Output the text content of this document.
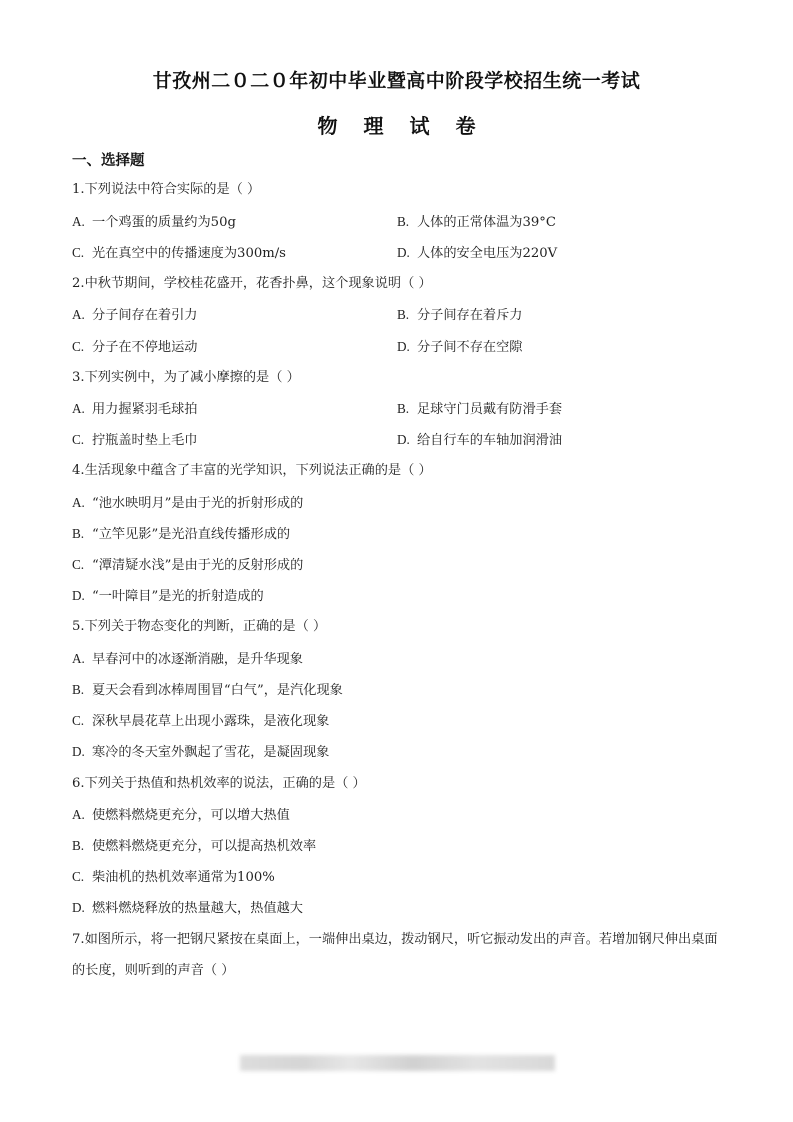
甘孜州二０二０年初中毕业暨高中阶段学校招生统一考试
物理试卷
一、选择题
1.下列说法中符合实际的是（ ）
A. 一个鸡蛋的质量约为50g	B. 人体的正常体温为39°C
C. 光在真空中的传播速度为300m/s	D. 人体的安全电压为220V
2.中秋节期间，学校桂花盛开，花香扑鼻，这个现象说明（ ）
A. 分子间存在着引力	B. 分子间存在着斥力
C. 分子在不停地运动	D. 分子间不存在空隙
3.下列实例中，为了减小摩擦的是（ ）
A. 用力握紧羽毛球拍	B. 足球守门员戴有防滑手套
C. 拧瓶盖时垫上毛巾	D. 给自行车的车轴加润滑油
4.生活现象中蕴含了丰富的光学知识，下列说法正确的是（ ）
A. “池水映明月”是由于光的折射形成的
B. “立竿见影”是光沿直线传播形成的
C. “潭清疑水浅”是由于光的反射形成的
D. “一叶障目”是光的折射造成的
5.下列关于物态变化的判断，正确的是（ ）
A. 早春河中的冰逐渐消融，是升华现象
B. 夏天会看到冰棒周围冒“白气”，是汽化现象
C. 深秋早晨花草上出现小露珠，是液化现象
D. 寒冷的冬天室外飘起了雪花，是凝固现象
6.下列关于热值和热机效率的说法，正确的是（ ）
A. 使燃料燃烧更充分，可以增大热值
B. 使燃料燃烧更充分，可以提高热机效率
C. 柴油机的热机效率通常为100%
D. 燃料燃烧释放的热量越大，热值越大
7.如图所示，将一把钢尺紧按在桌面上，一端伸出桌边，拨动钢尺，听它振动发出的声音。若增加钢尺伸出桌面的长度，则听到的声音（ ）
